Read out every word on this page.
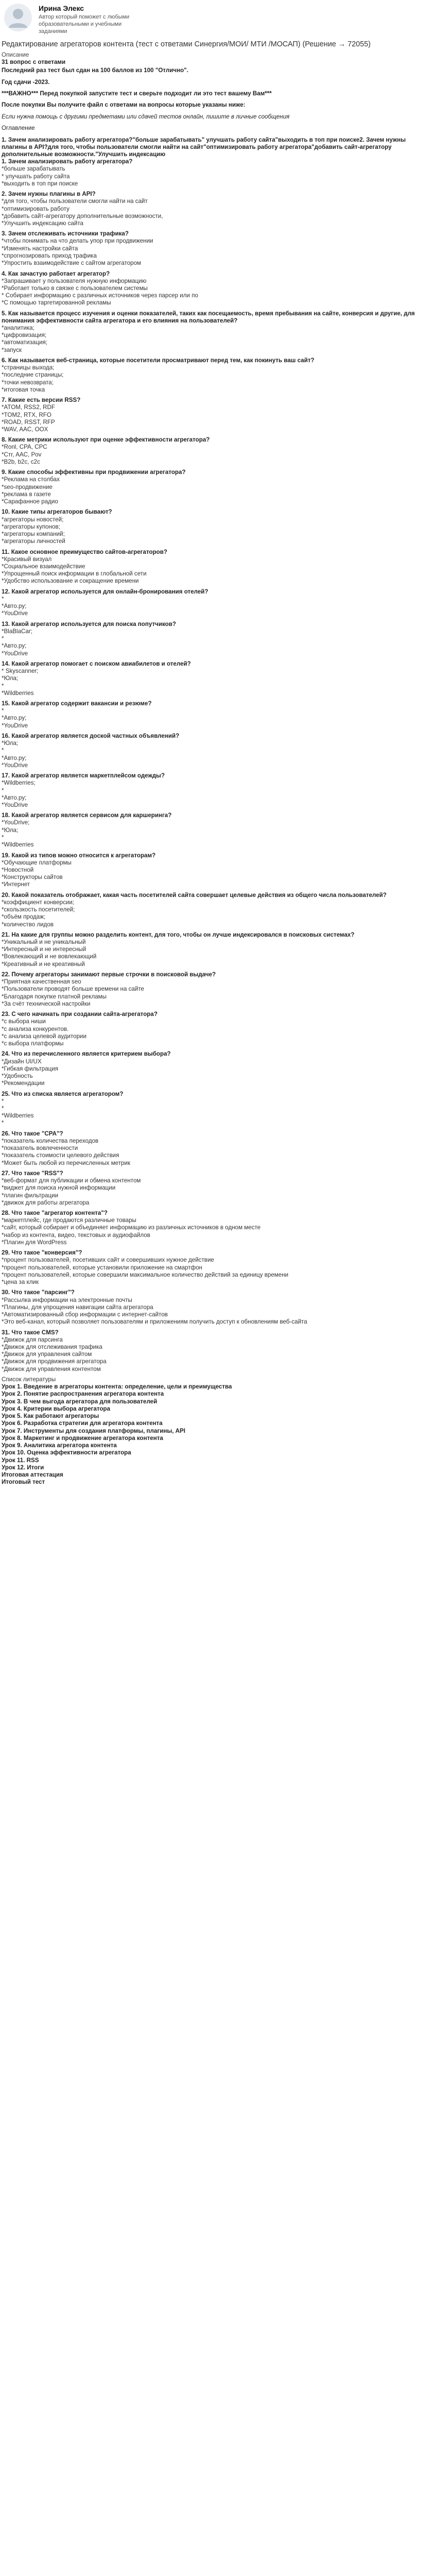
Ирина Элекс
Автор который поможет с любыми образовательными и учебными заданиями
Редактирование агрегаторов контента (тест с ответами Синергия/МОИ/ МТИ /МОСАП) (Решение → 72055)
Описание
31 вопрос с ответами
Последний раз тест был сдан на 100 баллов из 100 "Отлично".
Год сдачи -2023.
***ВАЖНО*** Перед покупкой запустите тест и сверьте подходит ли это тест вашему Вам***
После покупки Вы получите файл с ответами на вопросы которые указаны ниже:
Если нужна помощь с другими предметами или сдачей тестов онлайн, пишите в личные сообщения
Оглавление
1. Зачем анализировать работу агрегатора?"больше зарабатывать" улучшать работу сайта"выходить в топ при поиске2. Зачем нужны плагины в API?для того, чтобы пользователи смогли найти на сайт"оптимизировать работу агрегатора"добавить сайт-агрегатору дополнительные возможности."Улучшить индексацию
1. Зачем анализировать работу агрегатора?
*больше зарабатывать
* улучшать работу сайта
*выходить в топ при поиске
2. Зачем нужны плагины в API?
*для того, чтобы пользователи смогли найти на сайт
*оптимизировать работу
*добавить сайт-агрегатору дополнительные возможности,
*Улучшить индексацию сайта
3. Зачем отслеживать источники трафика?
*чтобы понимать на что делать упор при продвижении
*Изменять настройки сайта
*спрогнозировать приход трафика
*Упростить взаимодействие с сайтом агрегатором
4. Как зачастую работает агрегатор?
*Запрашивает у пользователя нужную информацию
*Работает только в связке с пользователем системы
* Собирает информацию с различных источников через парсер или по
*С помощью таргетированной рекламы
5. Как называется процесс изучения и оценки показателей, таких как посещаемость, время пребывания на сайте, конверсия и другие, для понимания эффективности сайта агрегатора и его влияния на пользователей?
*аналитика;
*цифровизация;
*автоматизация;
*запуск
6. Как называется веб-страница, которые посетители просматривают перед тем, как покинуть ваш сайт?
*страницы выхода;
*последние страницы;
*точки невозврата;
*итоговая точка
7. Какие есть версии RSS?
*ATOM, RSS2, RDF
*TOM2, RTX, RFO
*ROAD, RSST, RFP
*WAV, AAC, OOX
8. Какие метрики используют при оценке эффективности агрегатора?
*Ronl, CPA, CPC
*Cтr, AAC, Pov
*B2b, b2c, c2c
9. Какие способы эффективны при продвижении агрегатора?
*Реклама на столбах
*seo-продвижение
*реклама в газете
*Сарафанное радио
10. Какие типы агрегаторов бывают?
*агрегаторы новостей;
*агрегаторы купонов;
*агрегаторы компаний;
*агрегаторы личностей
11. Какое основное преимущество сайтов-агрегаторов?
*Красивый визуал
*Социальное взаимодействие
*Упрощенный поиск информации в глобальной сети
*Удобство использование и сокращение времени
12. Какой агрегатор используется для онлайн-бронирования отелей?
*
*Авто.ру;
*YouDrive
13. Какой агрегатор используется для поиска попутчиков?
*BlaBlaCar;
*
*Авто.ру;
*YouDrive
14. Какой агрегатор помогает с поиском авиабилетов и отелей?
* Skyscanner;
*Юла;
*
*Wildberries
15. Какой агрегатор содержит вакансии и резюме?
*
*Авто.ру;
*YouDrive
16. Какой агрегатор является доской частных объявлений?
*Юла;
*
*Авто.ру;
*YouDrive
17. Какой агрегатор является маркетплейсом одежды?
*Wildberries;
*
*Авто.ру;
*YouDrive
18. Какой агрегатор является сервисом для каршеринга?
*YouDrive;
*Юла;
*
*Wildberries
19. Какой из типов можно относится к агрегаторам?
*Обучающие платформы
*Новостной
*Конструкторы сайтов
*Интернет
20. Какой показатель отображает, какая часть посетителей сайта совершает целевые действия из общего числа пользователей?
*коэффициент конверсии;
*скользкость посетителей;
*объём продаж;
*количество лидов
21. На какие для группы можно разделить контент, для того, чтобы он лучше индексировался в поисковых системах?
*Уникальный и не уникальный
*Интересный и не интересный
*Вовлекающий и не вовлекающий
*Креативный и не креативный
22. Почему агрегаторы занимают первые строчки в поисковой выдаче?
*Приятная качественная seo
*Пользователи проводят больше времени на сайте
*Благодаря покупке платной рекламы
*За счёт технической настройки
23. С чего начинать при создании сайта-агрегатора?
*с выбора ниши
*с анализа конкурентов.
*с анализа целевой аудитории
*с выбора платформы
24. Что из перечисленного является критерием выбора?
*Дизайн UI/UX
*Гибкая фильтрация
*Удобность
*Рекомендации
25. Что из списка является агрегатором?
*
*
*Wildberries
*
26. Что такое "CPA"?
*показатель количества переходов
*показатель вовлеченности
*показатель стоимости целевого действия
*Может быть любой из перечисленных метрик
27. Что такое "RSS"?
*веб-формат для публикации и обмена контентом
*виджет для поиска нужной информации
*плагин фильтрации
*движок для работы агрегатора
28. Что такое "агрегатор контента"?
*маркетплейс, где продаются различные товары
*сайт, который собирает и объединяет информацию из различных источников в одном месте
*набор из контента, видео, текстовых и аудиофайлов
*Плагин для WordPress
29. Что такое "конверсия"?
*процент пользователей, посетивших сайт и совершивших нужное действие
*процент пользователей, которые установили приложение на смартфон
*процент пользователей, которые совершили максимальное количество действий за единицу времени
*цена за клик
30. Что такое "парсинг"?
*Рассылка информации на электронные почты
*Плагины, для упрощения навигации сайта агрегатора
*Автоматизированный сбор информации с интернет-сайтов
*Это веб-канал, который позволяет пользователям и приложениям получить доступ к обновлениям веб-сайта
31. Что такое CMS?
*Движок для парсинга
*Движок для отслеживания трафика
*Движок для управления сайтом
*Движок для продвижения агрегатора
*Движок для управления контентом
Список литературы
Урок 1. Введение в агрегаторы контента: определение, цели и преимущества
Урок 2. Понятие распространения агрегатора контента
Урок 3. В чем выгода агрегатора для пользователей
Урок 4. Критерии выбора агрегатора
Урок 5. Как работают агрегаторы
Урок 6. Разработка стратегии для агрегатора контента
Урок 7. Инструменты для создания платформы, плагины, API
Урок 8. Маркетинг и продвижение агрегатора контента
Урок 9. Аналитика агрегатора контента
Урок 10. Оценка эффективности агрегатора
Урок 11. RSS
Урок 12. Итоги
Итоговая аттестация
Итоговый тест
